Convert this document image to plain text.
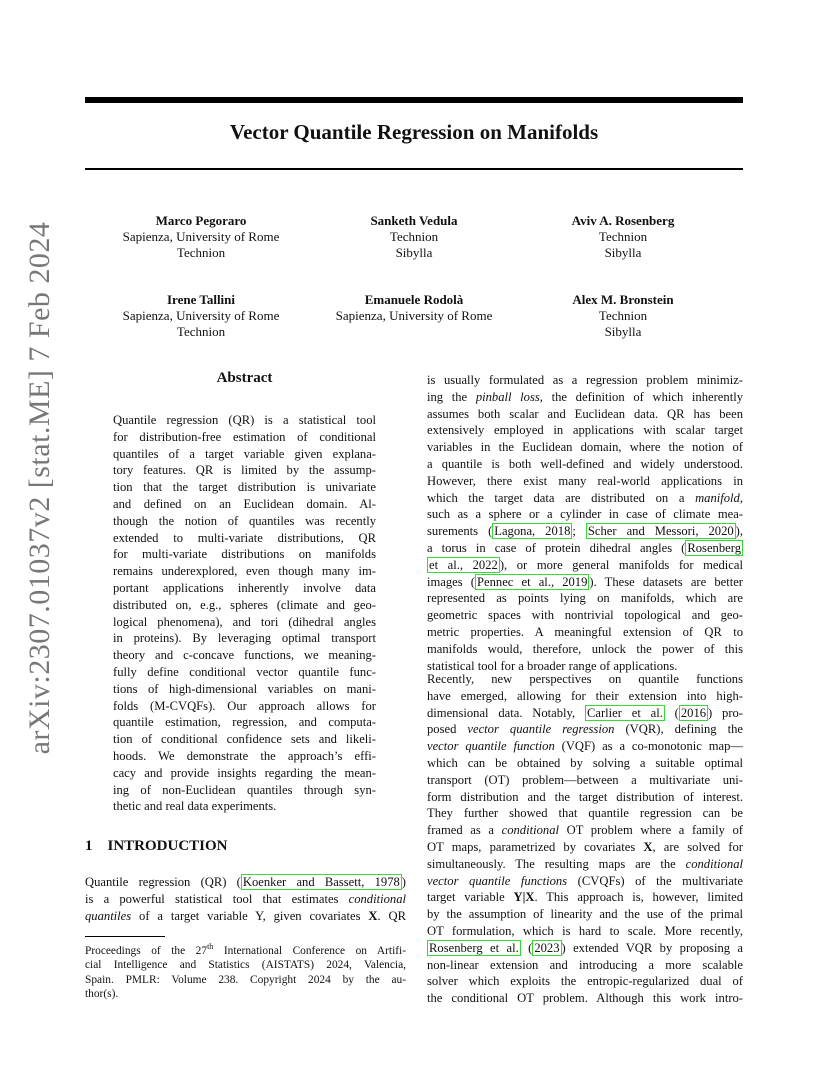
arXiv:2307.01037v2 [stat.ME] 7 Feb 2024
Vector Quantile Regression on Manifolds
Marco Pegoraro
Sapienza, University of Rome
Technion
Sanketh Vedula
Technion
Sibylla
Aviv A. Rosenberg
Technion
Sibylla
Irene Tallini
Sapienza, University of Rome
Technion
Emanuele Rodolà
Sapienza, University of Rome
Alex M. Bronstein
Technion
Sibylla
Abstract
Quantile regression (QR) is a statistical tool
for distribution-free estimation of conditional
quantiles of a target variable given explana-
tory features. QR is limited by the assump-
tion that the target distribution is univariate
and defined on an Euclidean domain. Al-
though the notion of quantiles was recently
extended to multi-variate distributions, QR
for multi-variate distributions on manifolds
remains underexplored, even though many im-
portant applications inherently involve data
distributed on, e.g., spheres (climate and geo-
logical phenomena), and tori (dihedral angles
in proteins). By leveraging optimal transport
theory and c-concave functions, we meaning-
fully define conditional vector quantile func-
tions of high-dimensional variables on mani-
folds (M-CVQFs). Our approach allows for
quantile estimation, regression, and computa-
tion of conditional confidence sets and likeli-
hoods. We demonstrate the approach’s effi-
cacy and provide insights regarding the mean-
ing of non-Euclidean quantiles through syn-
thetic and real data experiments.
1 INTRODUCTION
Quantile regression (QR) ( Koenker and Bassett, 1978 )
is a powerful statistical tool that estimates conditional
quantiles of a target variable Y, given covariates X. QR
Proceedings of the 27th International Conference on Artifi-
cial Intelligence and Statistics (AISTATS) 2024, Valencia,
Spain. PMLR: Volume 238. Copyright 2024 by the au-
thor(s).
is usually formulated as a regression problem minimiz-
ing the pinball loss, the definition of which inherently
assumes both scalar and Euclidean data. QR has been
extensively employed in applications with scalar target
variables in the Euclidean domain, where the notion of
a quantile is both well-defined and widely understood.
However, there exist many real-world applications in
which the target data are distributed on a manifold,
such as a sphere or a cylinder in case of climate mea-
surements ( Lagona, 2018 ; Scher and Messori, 2020 ),
a torus in case of protein dihedral angles ( Rosenberg
et al., 2022 ), or more general manifolds for medical
images ( Pennec et al., 2019 ). These datasets are better
represented as points lying on manifolds, which are
geometric spaces with nontrivial topological and geo-
metric properties. A meaningful extension of QR to
manifolds would, therefore, unlock the power of this
statistical tool for a broader range of applications.
Recently, new perspectives on quantile functions
have emerged, allowing for their extension into high-
dimensional data. Notably, Carlier et al. ( 2016 ) pro-
posed vector quantile regression (VQR), defining the
vector quantile function (VQF) as a co-monotonic map—
which can be obtained by solving a suitable optimal
transport (OT) problem—between a multivariate uni-
form distribution and the target distribution of interest.
They further showed that quantile regression can be
framed as a conditional OT problem where a family of
OT maps, parametrized by covariates X, are solved for
simultaneously. The resulting maps are the conditional
vector quantile functions (CVQFs) of the multivariate
target variable Y|X. This approach is, however, limited
by the assumption of linearity and the use of the primal
OT formulation, which is hard to scale. More recently,
Rosenberg et al. ( 2023 ) extended VQR by proposing a
non-linear extension and introducing a more scalable
solver which exploits the entropic-regularized dual of
the conditional OT problem. Although this work intro-
